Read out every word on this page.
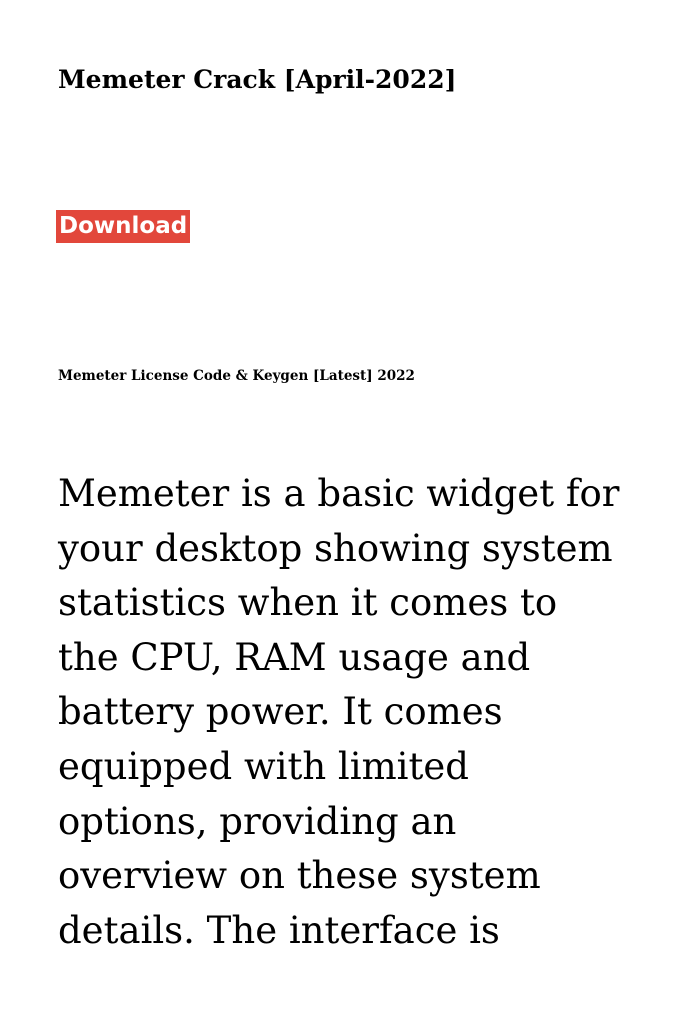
Memeter Crack [April-2022]
Download
Memeter License Code & Keygen [Latest] 2022
Memeter is a basic widget for
your desktop showing system
statistics when it comes to
the CPU, RAM usage and
battery power. It comes
equipped with limited
options, providing an
overview on these system
details. The interface is
